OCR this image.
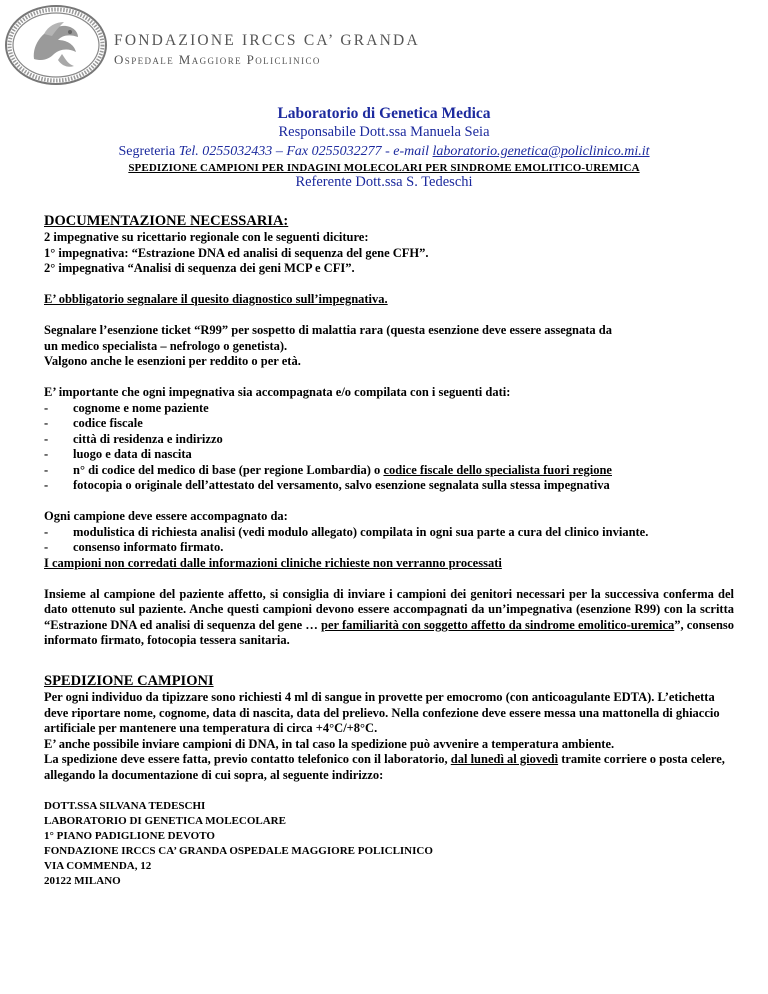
FONDAZIONE IRCCS CA’ GRANDA
Ospedale Maggiore Policlinico
Laboratorio di Genetica Medica
Responsabile Dott.ssa Manuela Seia
Segreteria Tel. 0255032433 – Fax 0255032277 - e-mail laboratorio.genetica@policlinico.mi.it
SPEDIZIONE CAMPIONI PER INDAGINI MOLECOLARI PER SINDROME EMOLITICO-UREMICA
Referente Dott.ssa S. Tedeschi

DOCUMENTAZIONE NECESSARIA:

2 impegnative su ricettario regionale con le seguenti diciture:

1° impegnativa: “Estrazione DNA ed analisi di sequenza del gene CFH”.

2° impegnativa “Analisi di sequenza dei geni MCP e CFI”.

E’ obbligatorio segnalare il quesito diagnostico sull’impegnativa.

Segnalare l’esenzione ticket “R99” per sospetto di malattia rara (questa esenzione deve essere assegnata da

un medico specialista – nefrologo o genetista).

Valgono anche le esenzioni per reddito o per età.

E’ importante che ogni impegnativa sia accompagnata e/o compilata con i seguenti dati:

- cognome e nome paziente
- codice fiscale
- città di residenza e indirizzo
- luogo e data di nascita
- n° di codice del medico di base (per regione Lombardia) o codice fiscale dello specialista fuori regione
- fotocopia o originale dell’attestato del versamento, salvo esenzione segnalata sulla stessa impegnativa

Ogni campione deve essere accompagnato da:

- modulistica di richiesta analisi (vedi modulo allegato) compilata in ogni sua parte a cura del clinico inviante.
- consenso informato firmato.

I campioni non corredati dalle informazioni cliniche richieste non verranno processati

Insieme al campione del paziente affetto, si consiglia di inviare i campioni dei genitori necessari per la successiva conferma del dato ottenuto sul paziente. Anche questi campioni devono essere accompagnati da un’impegnativa (esenzione R99) con la scritta “Estrazione DNA ed analisi di sequenza del gene … per familiarità con soggetto affetto da sindrome emolitico-uremica”, consenso informato firmato, fotocopia tessera sanitaria.

SPEDIZIONE CAMPIONI

Per ogni individuo da tipizzare sono richiesti 4 ml di sangue in provette per emocromo (con anticoagulante EDTA). L’etichetta deve riportare nome, cognome, data di nascita, data del prelievo. Nella confezione deve essere messa una mattonella di ghiaccio artificiale per mantenere una temperatura di circa +4°C/+8°C.

E’ anche possibile inviare campioni di DNA, in tal caso la spedizione può avvenire a temperatura ambiente.

La spedizione deve essere fatta, previo contatto telefonico con il laboratorio, dal lunedì al giovedì tramite corriere o posta celere, allegando la documentazione di cui sopra, al seguente indirizzo:

DOTT.SSA SILVANA TEDESCHI

LABORATORIO DI GENETICA MOLECOLARE

1° PIANO PADIGLIONE DEVOTO

FONDAZIONE IRCCS CA’ GRANDA OSPEDALE MAGGIORE POLICLINICO

VIA COMMENDA, 12

20122 MILANO
